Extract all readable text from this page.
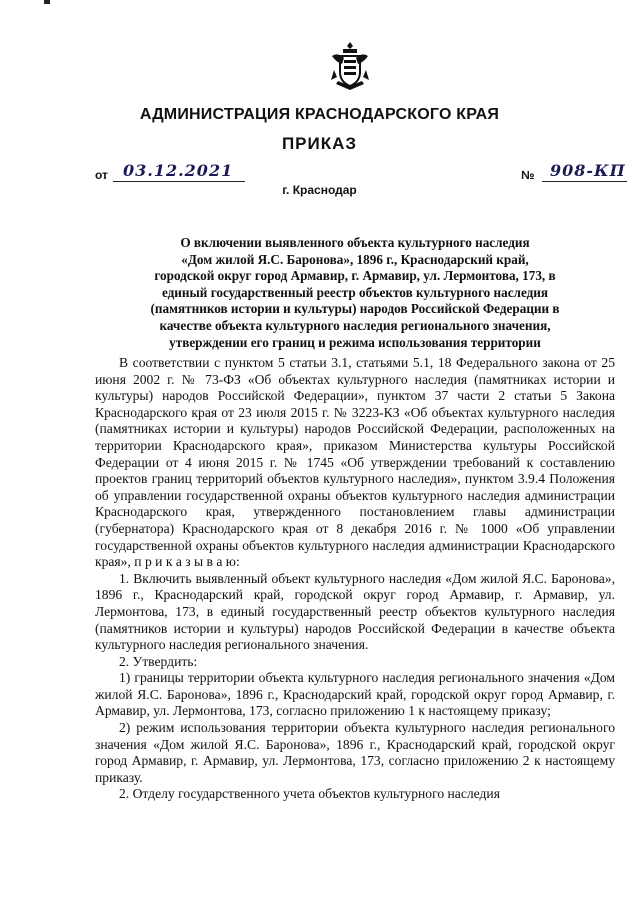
АДМИНИСТРАЦИЯ КРАСНОДАРСКОГО КРАЯ
ПРИКАЗ
от 03.12.2021	№ 908-КП
г. Краснодар
О включении выявленного объекта культурного наследия
«Дом жилой Я.С. Баронова», 1896 г., Краснодарский край,
городской округ город Армавир, г. Армавир, ул. Лермонтова, 173, в
единый государственный реестр объектов культурного наследия
(памятников истории и культуры) народов Российской Федерации в
качестве объекта культурного наследия регионального значения,
утверждении его границ и режима использования территории

В соответствии с пунктом 5 статьи 3.1, статьями 5.1, 18 Федерального закона от 25 июня 2002 г. № 73-ФЗ «Об объектах культурного наследия (памятниках истории и культуры) народов Российской Федерации», пунктом 37 части 2 статьи 5 Закона Краснодарского края от 23 июля 2015 г. № 3223-КЗ «Об объектах культурного наследия (памятниках истории и культуры) народов Российской Федерации, расположенных на территории Краснодарского края», приказом Министерства культуры Российской Федерации от 4 июня 2015 г. № 1745 «Об утверждении требований к составлению проектов границ территорий объектов культурного наследия», пунктом 3.9.4 Положения об управлении государственной охраны объектов культурного наследия администрации Краснодарского края, утвержденного постановлением главы администрации (губернатора) Краснодарского края от 8 декабря 2016 г. № 1000 «Об управлении государственной охраны объектов культурного наследия администрации Краснодарского края», п р и к а з ы в а ю:

1. Включить выявленный объект культурного наследия «Дом жилой Я.С. Баронова», 1896 г., Краснодарский край, городской округ город Армавир, г. Армавир, ул. Лермонтова, 173, в единый государственный реестр объектов культурного наследия (памятников истории и культуры) народов Российской Федерации в качестве объекта культурного наследия регионального значения.

2. Утвердить:

1) границы территории объекта культурного наследия регионального значения «Дом жилой Я.С. Баронова», 1896 г., Краснодарский край, городской округ город Армавир, г. Армавир, ул. Лермонтова, 173, согласно приложению 1 к настоящему приказу;

2) режим использования территории объекта культурного наследия регионального значения «Дом жилой Я.С. Баронова», 1896 г., Краснодарский край, городской округ город Армавир, г. Армавир, ул. Лермонтова, 173, согласно приложению 2 к настоящему приказу.

2. Отделу государственного учета объектов культурного наследия
